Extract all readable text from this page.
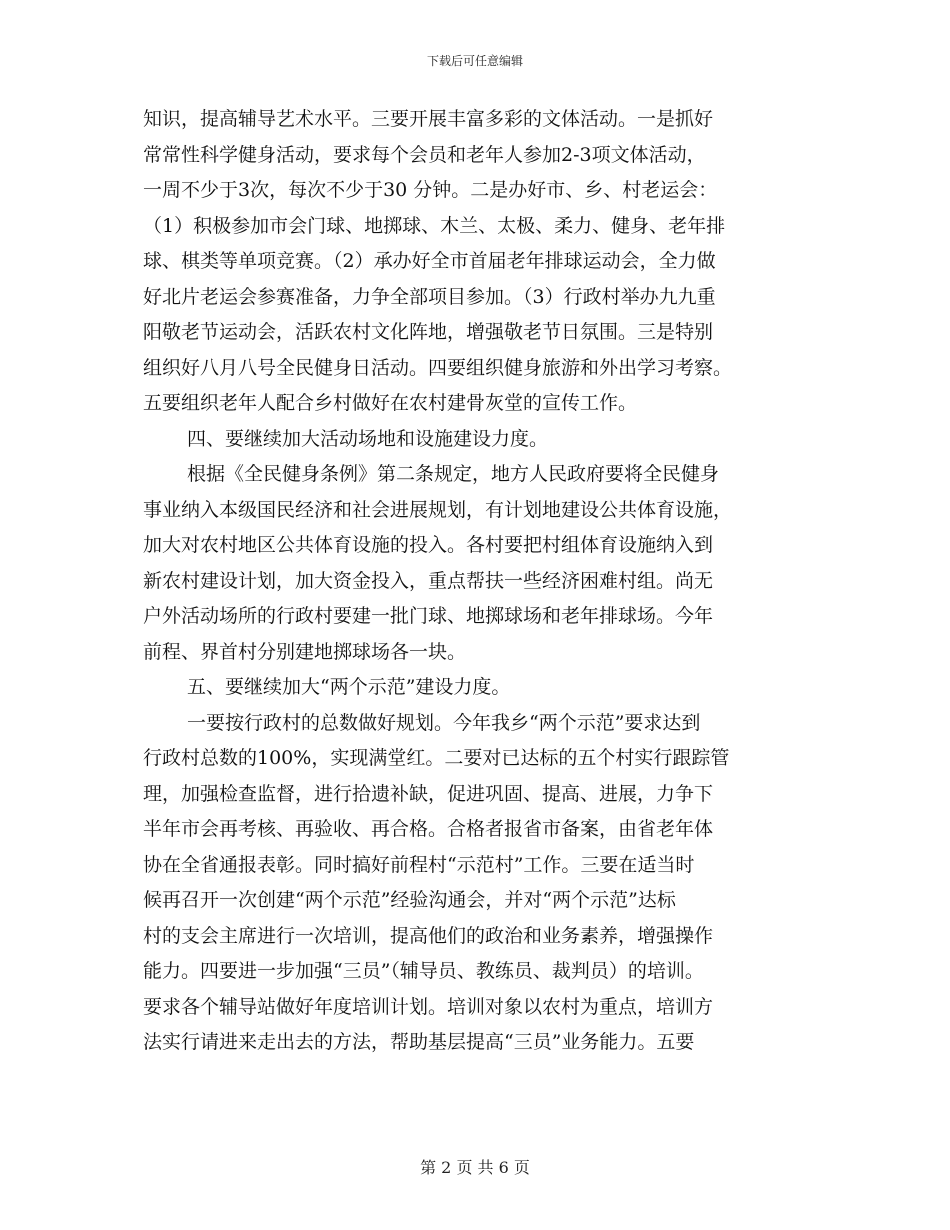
下载后可任意编辑
知识，提高辅导艺术水平。三要开展丰富多彩的文体活动。一是抓好
常常性科学健身活动，要求每个会员和老年人参加2-3项文体活动，
一周不少于3次，每次不少于30 分钟。二是办好市、乡、村老运会：
（1）积极参加市会门球、地掷球、木兰、太极、柔力、健身、老年排
球、棋类等单项竞赛。（2）承办好全市首届老年排球运动会，全力做
好北片老运会参赛准备，力争全部项目参加。（3）行政村举办九九重
阳敬老节运动会，活跃农村文化阵地，增强敬老节日氛围。三是特别
组织好八月八号全民健身日活动。四要组织健身旅游和外出学习考察。
五要组织老年人配合乡村做好在农村建骨灰堂的宣传工作。
四、要继续加大活动场地和设施建设力度。
根据《全民健身条例》第二条规定，地方人民政府要将全民健身
事业纳入本级国民经济和社会进展规划，有计划地建设公共体育设施，
加大对农村地区公共体育设施的投入。各村要把村组体育设施纳入到
新农村建设计划，加大资金投入，重点帮扶一些经济困难村组。尚无
户外活动场所的行政村要建一批门球、地掷球场和老年排球场。今年
前程、界首村分别建地掷球场各一块。
五、要继续加大“两个示范”建设力度。
一要按行政村的总数做好规划。今年我乡“两个示范”要求达到
行政村总数的100%，实现满堂红。二要对已达标的五个村实行跟踪管
理，加强检查监督，进行拾遗补缺，促进巩固、提高、进展，力争下
半年市会再考核、再验收、再合格。合格者报省市备案，由省老年体
协在全省通报表彰。同时搞好前程村“示范村”工作。三要在适当时
候再召开一次创建“两个示范”经验沟通会，并对“两个示范”达标
村的支会主席进行一次培训，提高他们的政治和业务素养，增强操作
能力。四要进一步加强“三员”（辅导员、教练员、裁判员）的培训。
要求各个辅导站做好年度培训计划。培训对象以农村为重点，培训方
法实行请进来走出去的方法，帮助基层提高“三员”业务能力。五要
第 2 页 共 6 页
